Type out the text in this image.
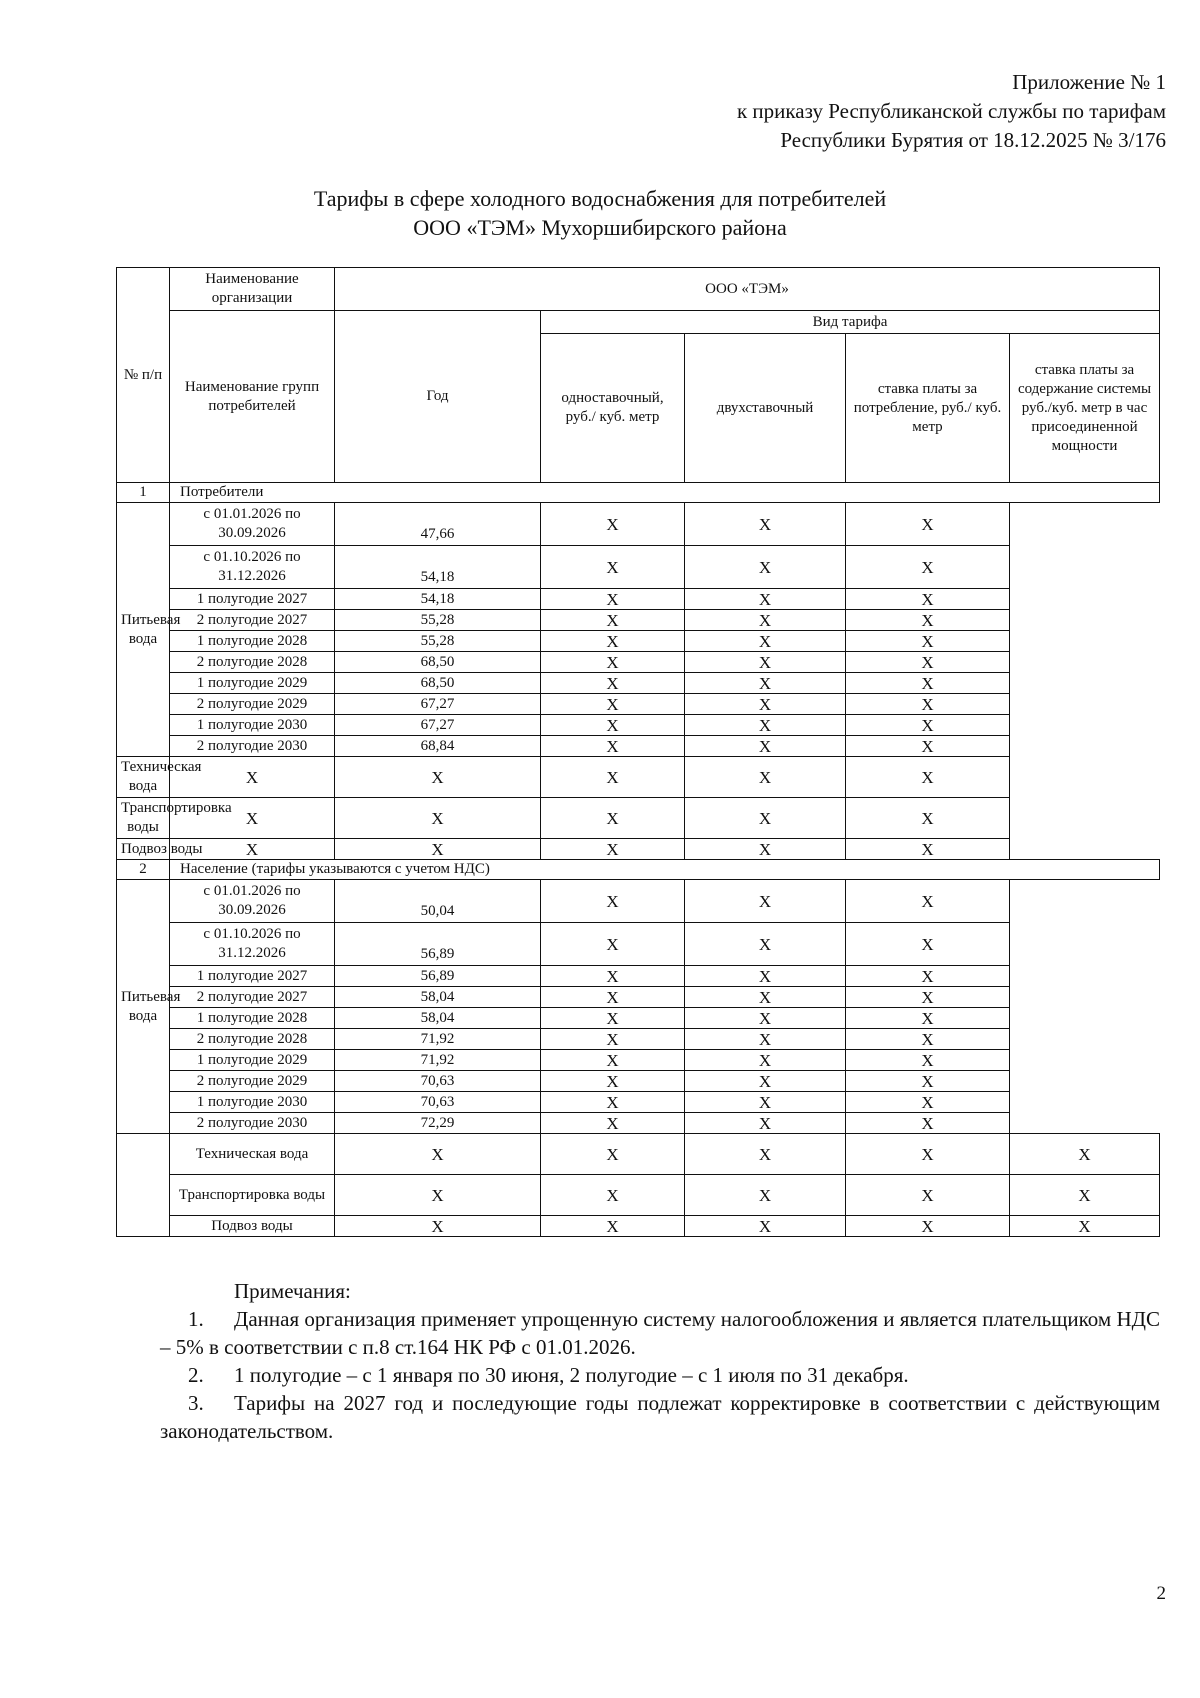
Приложение № 1
к приказу Республиканской службы по тарифам
Республики Бурятия от 18.12.2025 № 3/176
Тарифы в сфере холодного водоснабжения для потребителей
ООО «ТЭМ» Мухоршибирского района
№ п/п	Наименование организации	ООО «ТЭМ»				
	Наименование групп потребителей	Год	Вид тарифа			
			одноставочный, руб./ куб. метр	двухставочный	ставка платы за потребление, руб./ куб. метр	ставка платы за содержание системы руб./куб. метр в час присоединенной мощности
1	Потребители					
Питьевая вода	с 01.01.2026 по 30.09.2026	47,66	X	X	X	
	с 01.10.2026 по 31.12.2026	54,18	X	X	X	
	1 полугодие 2027	54,18	X	X	X	
	2 полугодие 2027	55,28	X	X	X	
	1 полугодие 2028	55,28	X	X	X	
	2 полугодие 2028	68,50	X	X	X	
	1 полугодие 2029	68,50	X	X	X	
	2 полугодие 2029	67,27	X	X	X	
	1 полугодие 2030	67,27	X	X	X	
	2 полугодие 2030	68,84	X	X	X	
Техническая вода	X	X	X	X	X	
Транспортировка воды	X	X	X	X	X	
Подвоз воды	X	X	X	X	X	
2	Население (тарифы указываются с учетом НДС)					
Питьевая вода	с 01.01.2026 по 30.09.2026	50,04	X	X	X	
	с 01.10.2026 по 31.12.2026	56,89	X	X	X	
	1 полугодие 2027	56,89	X	X	X	
	2 полугодие 2027	58,04	X	X	X	
	1 полугодие 2028	58,04	X	X	X	
	2 полугодие 2028	71,92	X	X	X	
	1 полугодие 2029	71,92	X	X	X	
	2 полугодие 2029	70,63	X	X	X	
	1 полугодие 2030	70,63	X	X	X	
	2 полугодие 2030	72,29	X	X	X	
	Техническая вода	X	X	X	X	X
	Транспортировка воды	X	X	X	X	X
	Подвоз воды	X	X	X	X	X
Примечания:
1. Данная организация применяет упрощенную систему налогообложения и является плательщиком НДС – 5% в соответствии с п.8 ст.164 НК РФ с 01.01.2026.
2. 1 полугодие – с 1 января по 30 июня, 2 полугодие – с 1 июля по 31 декабря.
3. Тарифы на 2027 год и последующие годы подлежат корректировке в соответствии с действующим законодательством.
2
